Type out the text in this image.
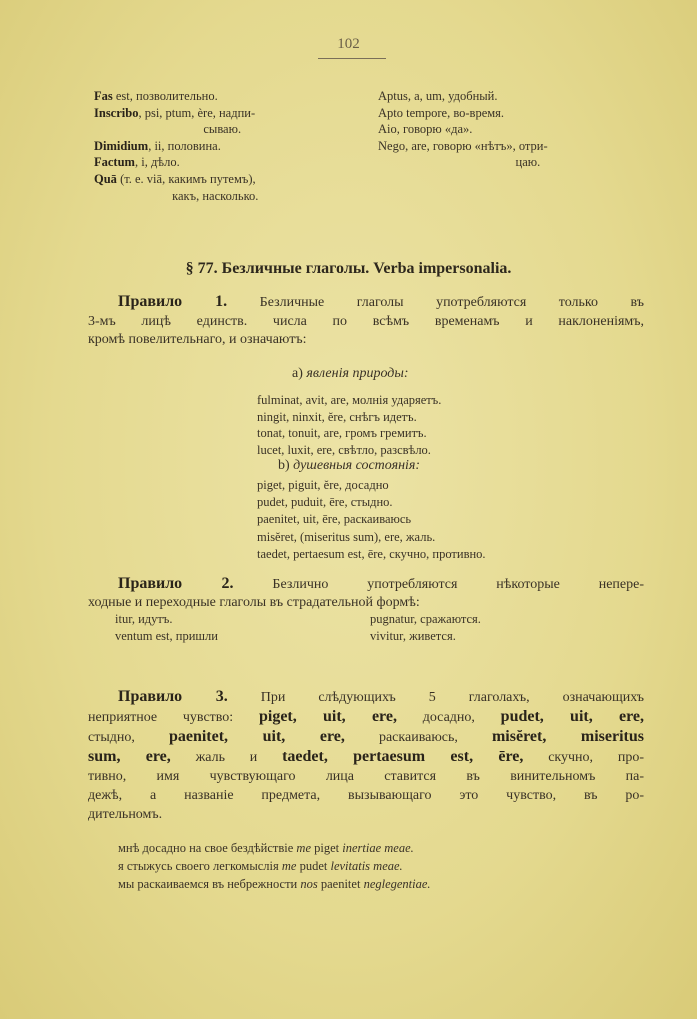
102
Fas est, позволительно.
Inscribo, psi, ptum, ère, надпи-
сываю.
Dimidium, ii, половина.
Factum, i, дѣло.
Quā (т. е. viā, какимъ путемъ),
какъ, насколько.
Aptus, a, um, удобный.
Apto tempore, во-время.
Aio, говорю «да».
Nego, are, говорю «нѣтъ», отри-
цаю.
§ 77. Безличные глаголы. Verba impersonalia.
Правило 1. Безличные глаголы употребляются только въ
3-мъ лицѣ единств. числа по всѣмъ временамъ и наклоненіямъ,
кромѣ повелительнаго, и означаютъ:
a) явленія природы:
fulminat, avit, are, молнія ударяетъ.
ningit, ninxit, ĕre, снѣгъ идетъ.
tonat, tonuit, are, громъ гремитъ.
lucet, luxit, ere, свѣтло, разсвѣло.
b) душевныя состоянія:
piget, piguit, ĕre, досадно
pudet, puduit, ēre, стыдно.
paenitet, uit, ēre, раскаиваюсь
misĕret, (miseritus sum), ere, жаль.
taedet, pertaesum est, ēre, скучно, противно.
Правило 2. Безлично употребляются нѣкоторые непере-
ходные и переходные глаголы въ страдательной формѣ:
itur, идутъ.
ventum est, пришли
pugnatur, сражаются.
vivitur, живется.
Правило 3. При слѣдующихъ 5 глаголахъ, означающихъ
неприятное чувство: piget, uit, ere, досадно, pudet, uit, ere,
стыдно, paenitet, uit, ere, раскаиваюсь, misĕret, miseritus
sum, ere, жаль и taedet, pertaesum est, ēre, скучно, про-
тивно, имя чувствующаго лица ставится въ винительномъ па-
дежѣ, а названіе предмета, вызывающаго это чувство, въ ро-
дительномъ.
мнѣ досадно на свое бездѣйствіе me piget inertiae meae.
я стыжусь своего легкомыслія me pudet levitatis meae.
мы раскаиваемся въ небрежности nos paenitet neglegentiae.
